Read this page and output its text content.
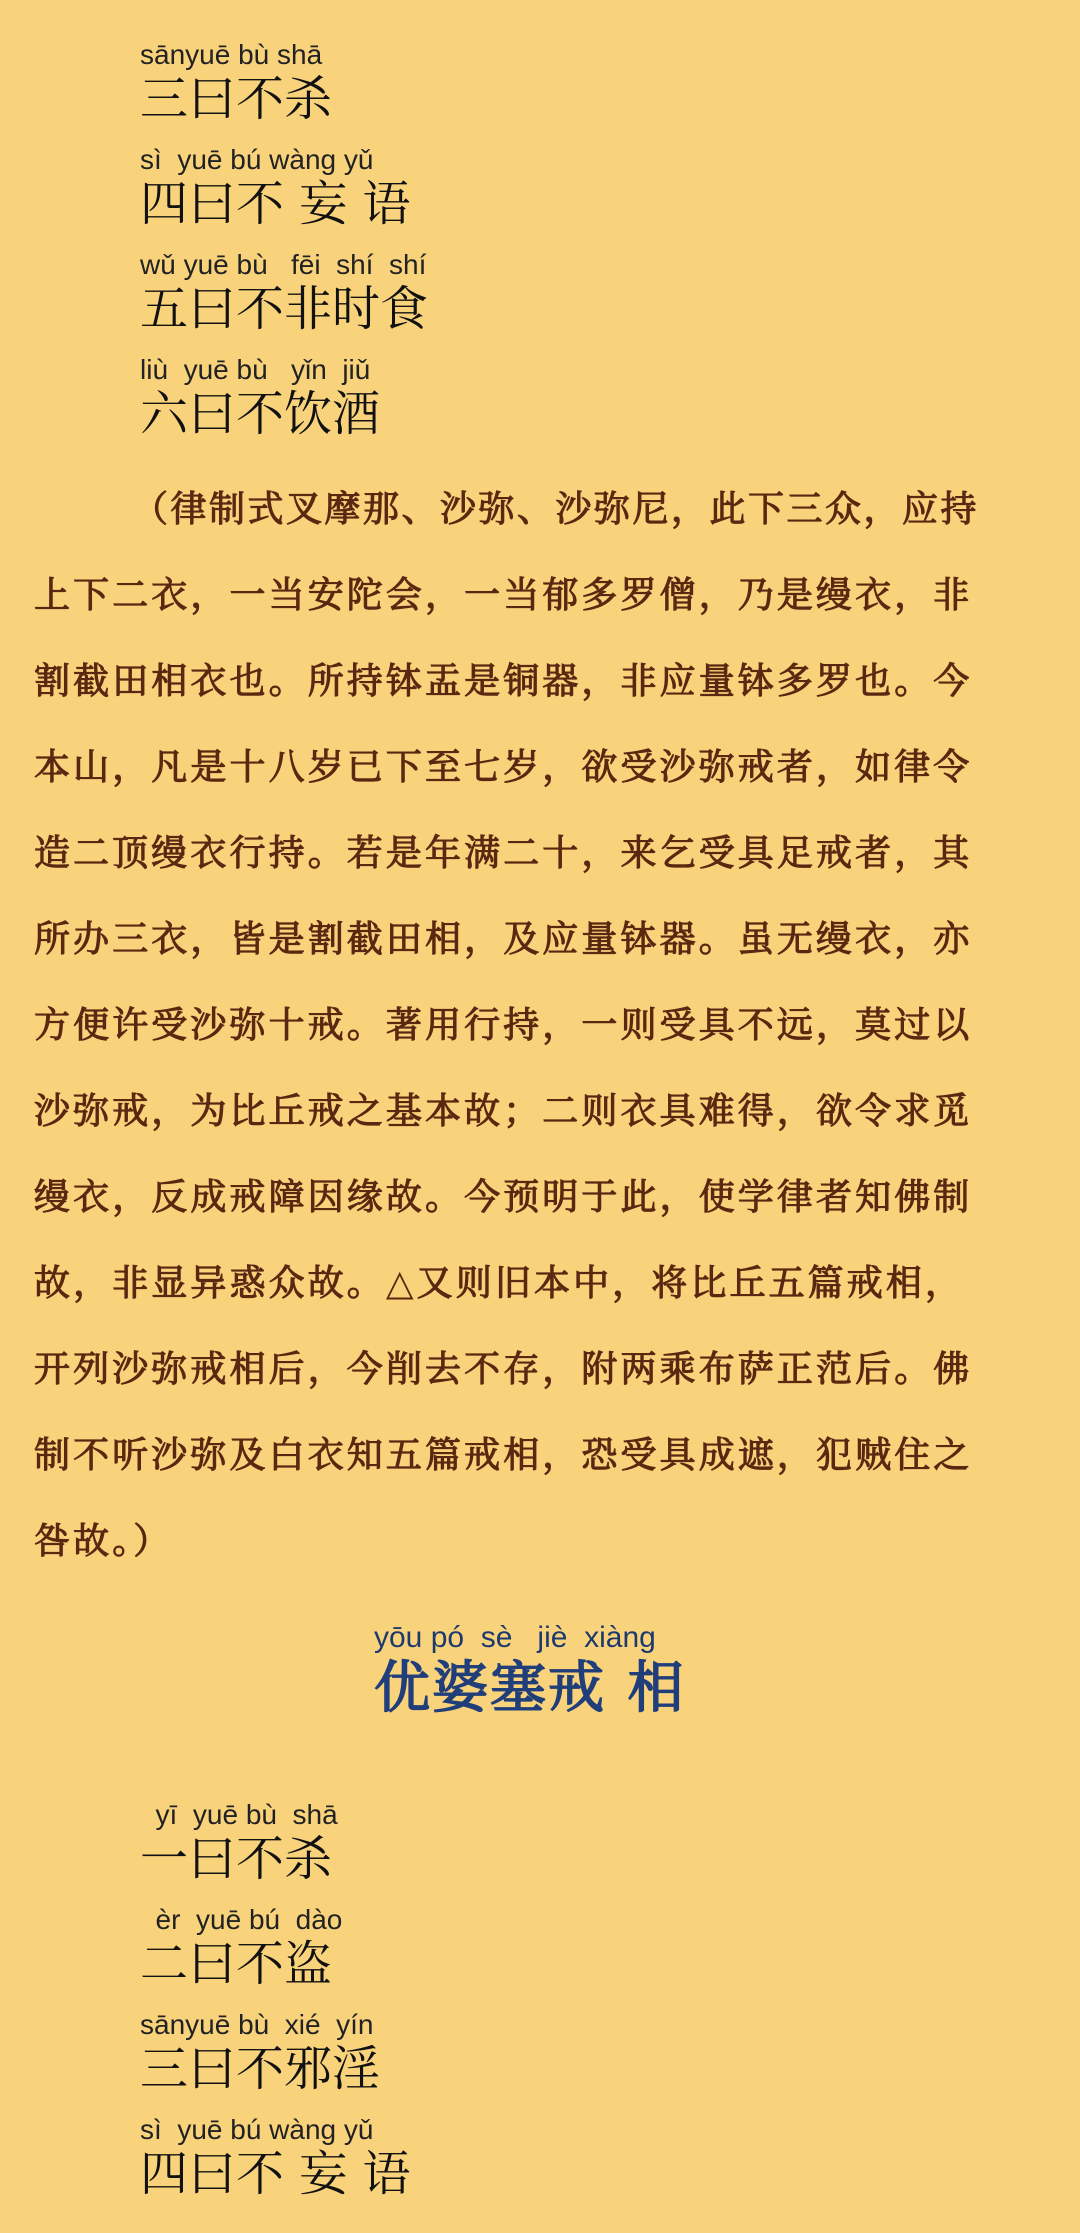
sānyuē bù shā
三曰不杀
sì  yuē bú wàng yǔ
四曰不 妄 语
wǔ yuē bù   fēi  shí  shí
五曰不非时食
liù  yuē bù   yǐn  jiǔ
六曰不饮酒
（律制式叉摩那、沙弥、沙弥尼，此下三众，应持
上下二衣，一当安陀会，一当郁多罗僧，乃是缦衣，非
割截田相衣也。所持钵盂是铜器，非应量钵多罗也。今
本山，凡是十八岁已下至七岁，欲受沙弥戒者，如律令
造二顶缦衣行持。若是年满二十，来乞受具足戒者，其
所办三衣，皆是割截田相，及应量钵器。虽无缦衣，亦
方便许受沙弥十戒。著用行持，一则受具不远，莫过以
沙弥戒，为比丘戒之基本故；二则衣具难得，欲令求觅
缦衣，反成戒障因缘故。今预明于此，使学律者知佛制
故，非显异惑众故。△又则旧本中，将比丘五篇戒相，
开列沙弥戒相后，今削去不存，附两乘布萨正范后。佛
制不听沙弥及白衣知五篇戒相，恐受具成遮，犯贼住之
咎故。）
yōu pó  sè   jiè  xiàng
优婆塞戒 相
yī  yuē bù  shā
一曰不杀
èr  yuē bú  dào
二曰不盗
sānyuē bù  xié  yín
三曰不邪淫
sì  yuē bú wàng yǔ
四曰不 妄 语
